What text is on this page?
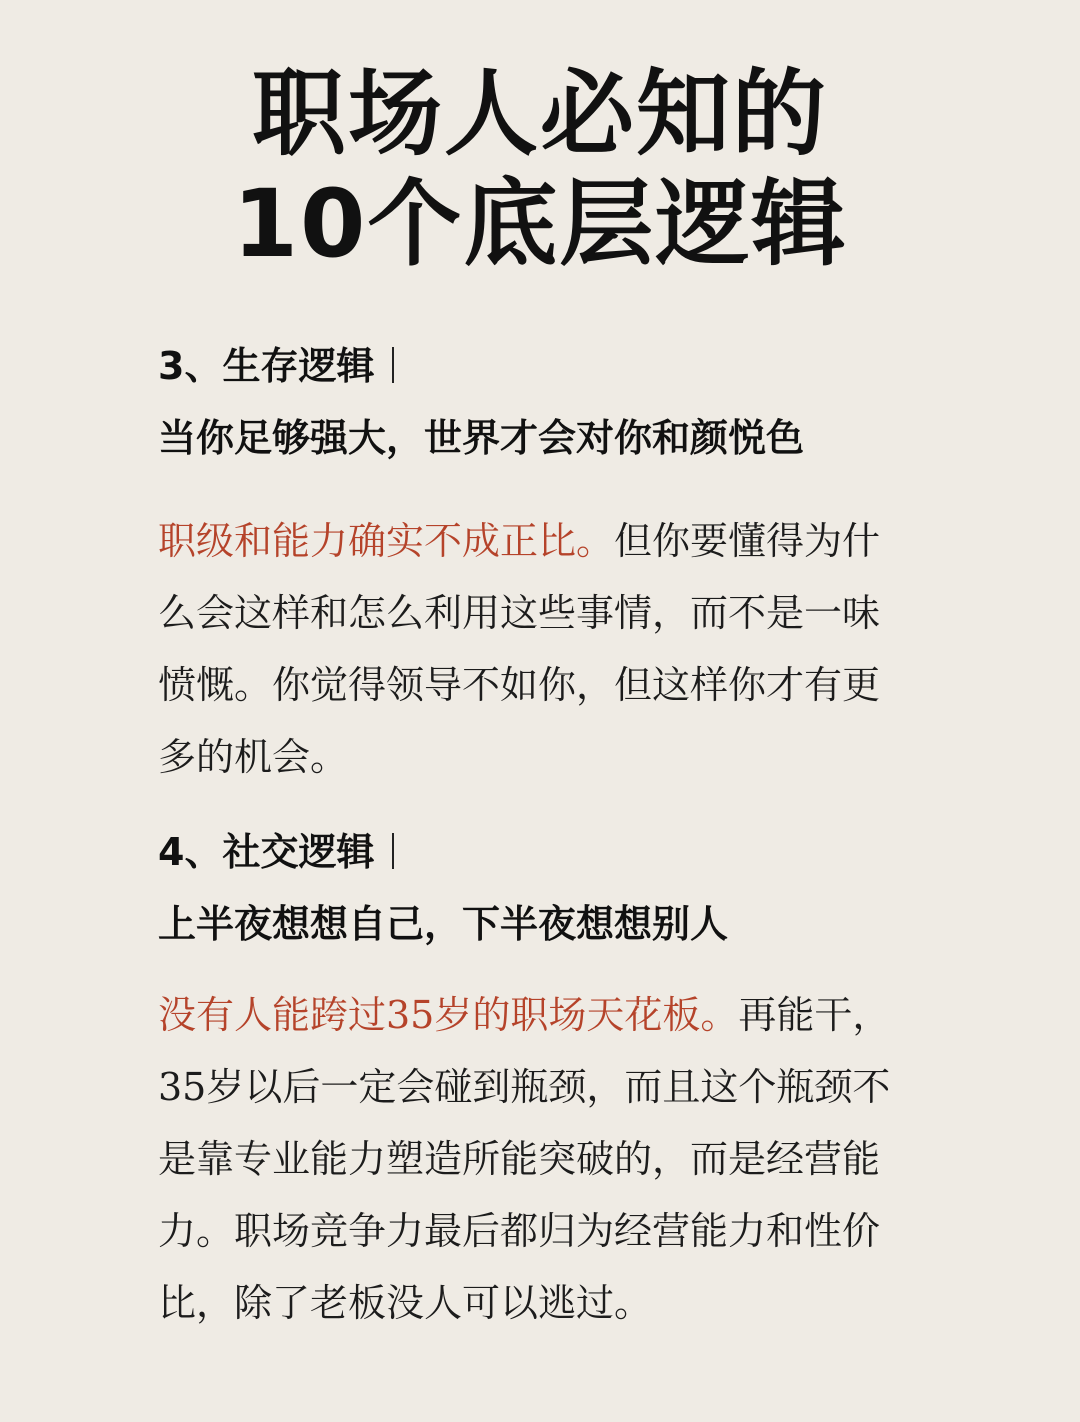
职场人必知的
10个底层逻辑
3、生存逻辑
当你足够强大，世界才会对你和颜悦色
职级和能力确实不成正比。但你要懂得为什
么会这样和怎么利用这些事情，而不是一味
愤慨。你觉得领导不如你，但这样你才有更
多的机会。
4、社交逻辑
上半夜想想自己，下半夜想想别人
没有人能跨过35岁的职场天花板。再能干，
35岁以后一定会碰到瓶颈，而且这个瓶颈不
是靠专业能力塑造所能突破的，而是经营能
力。职场竞争力最后都归为经营能力和性价
比，除了老板没人可以逃过。
